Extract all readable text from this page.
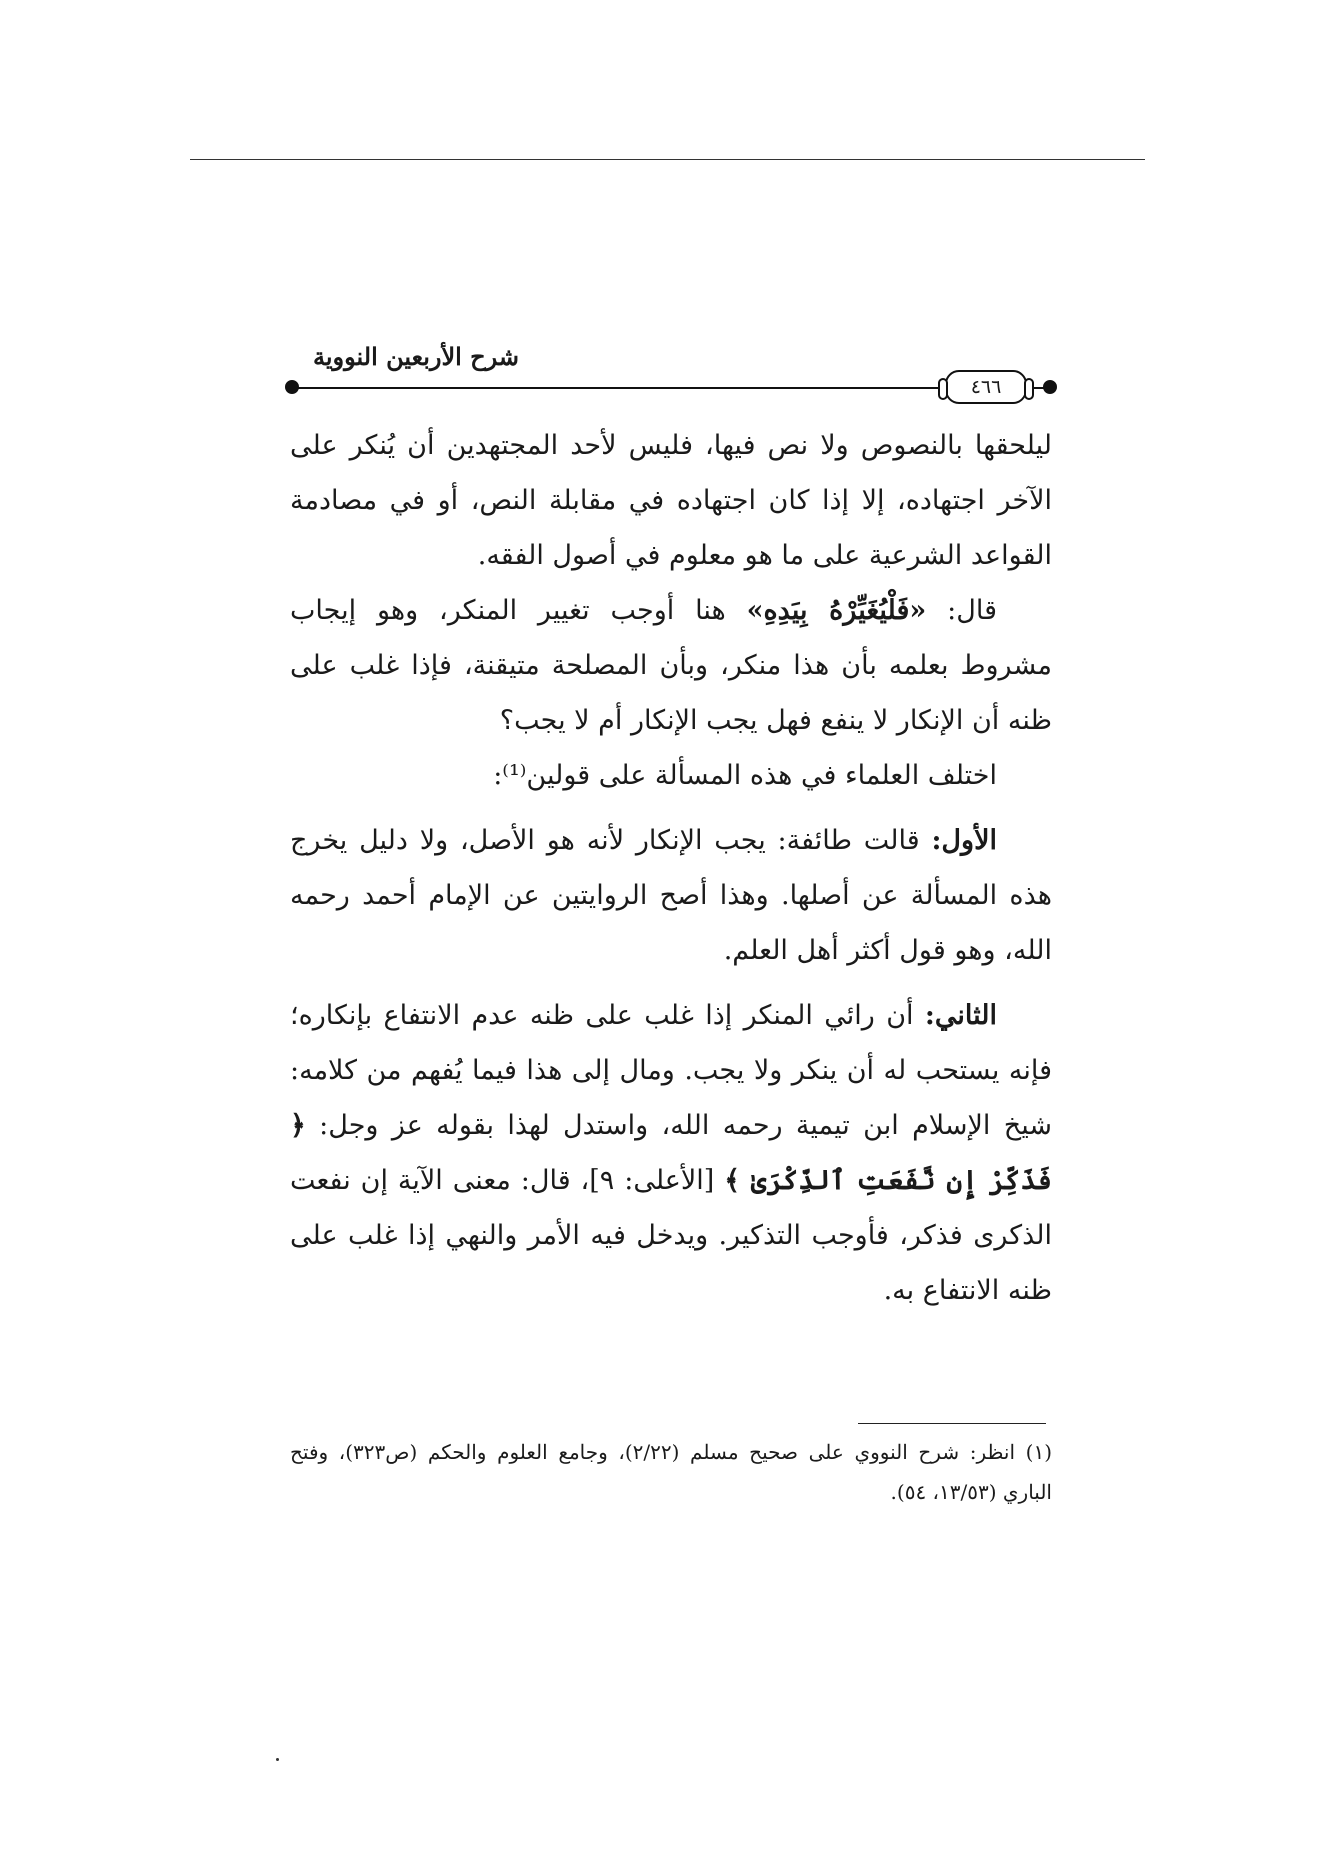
شرح الأربعين النووية
٤٦٦

ليلحقها بالنصوص ولا نص فيها، فليس لأحد المجتهدين أن يُنكر على الآخر اجتهاده، إلا إذا كان اجتهاده في مقابلة النص، أو في مصادمة القواعد الشرعية على ما هو معلوم في أصول الفقه.

قال: «فَلْيُغَيِّرْهُ بِيَدِهِ» هنا أوجب تغيير المنكر، وهو إيجاب مشروط بعلمه بأن هذا منكر، وبأن المصلحة متيقنة، فإذا غلب على ظنه أن الإنكار لا ينفع فهل يجب الإنكار أم لا يجب؟

اختلف العلماء في هذه المسألة على قولين⁽¹⁾:

الأول: قالت طائفة: يجب الإنكار لأنه هو الأصل، ولا دليل يخرج هذه المسألة عن أصلها. وهذا أصح الروايتين عن الإمام أحمد رحمه الله، وهو قول أكثر أهل العلم.

الثاني: أن رائي المنكر إذا غلب على ظنه عدم الانتفاع بإنكاره؛ فإنه يستحب له أن ينكر ولا يجب. ومال إلى هذا فيما يُفهم من كلامه: شيخ الإسلام ابن تيمية رحمه الله، واستدل لهذا بقوله عز وجل: ﴿ فَذَكِّرْ إِن نَّفَعَتِ ٱلذِّكْرَىٰ ﴾ [الأعلى: ٩]، قال: معنى الآية إن نفعت الذكرى فذكر، فأوجب التذكير. ويدخل فيه الأمر والنهي إذا غلب على ظنه الانتفاع به.

(١) انظر: شرح النووي على صحيح مسلم (٢/٢٢)، وجامع العلوم والحكم (ص٣٢٣)، وفتح الباري (١٣/٥٣، ٥٤).
